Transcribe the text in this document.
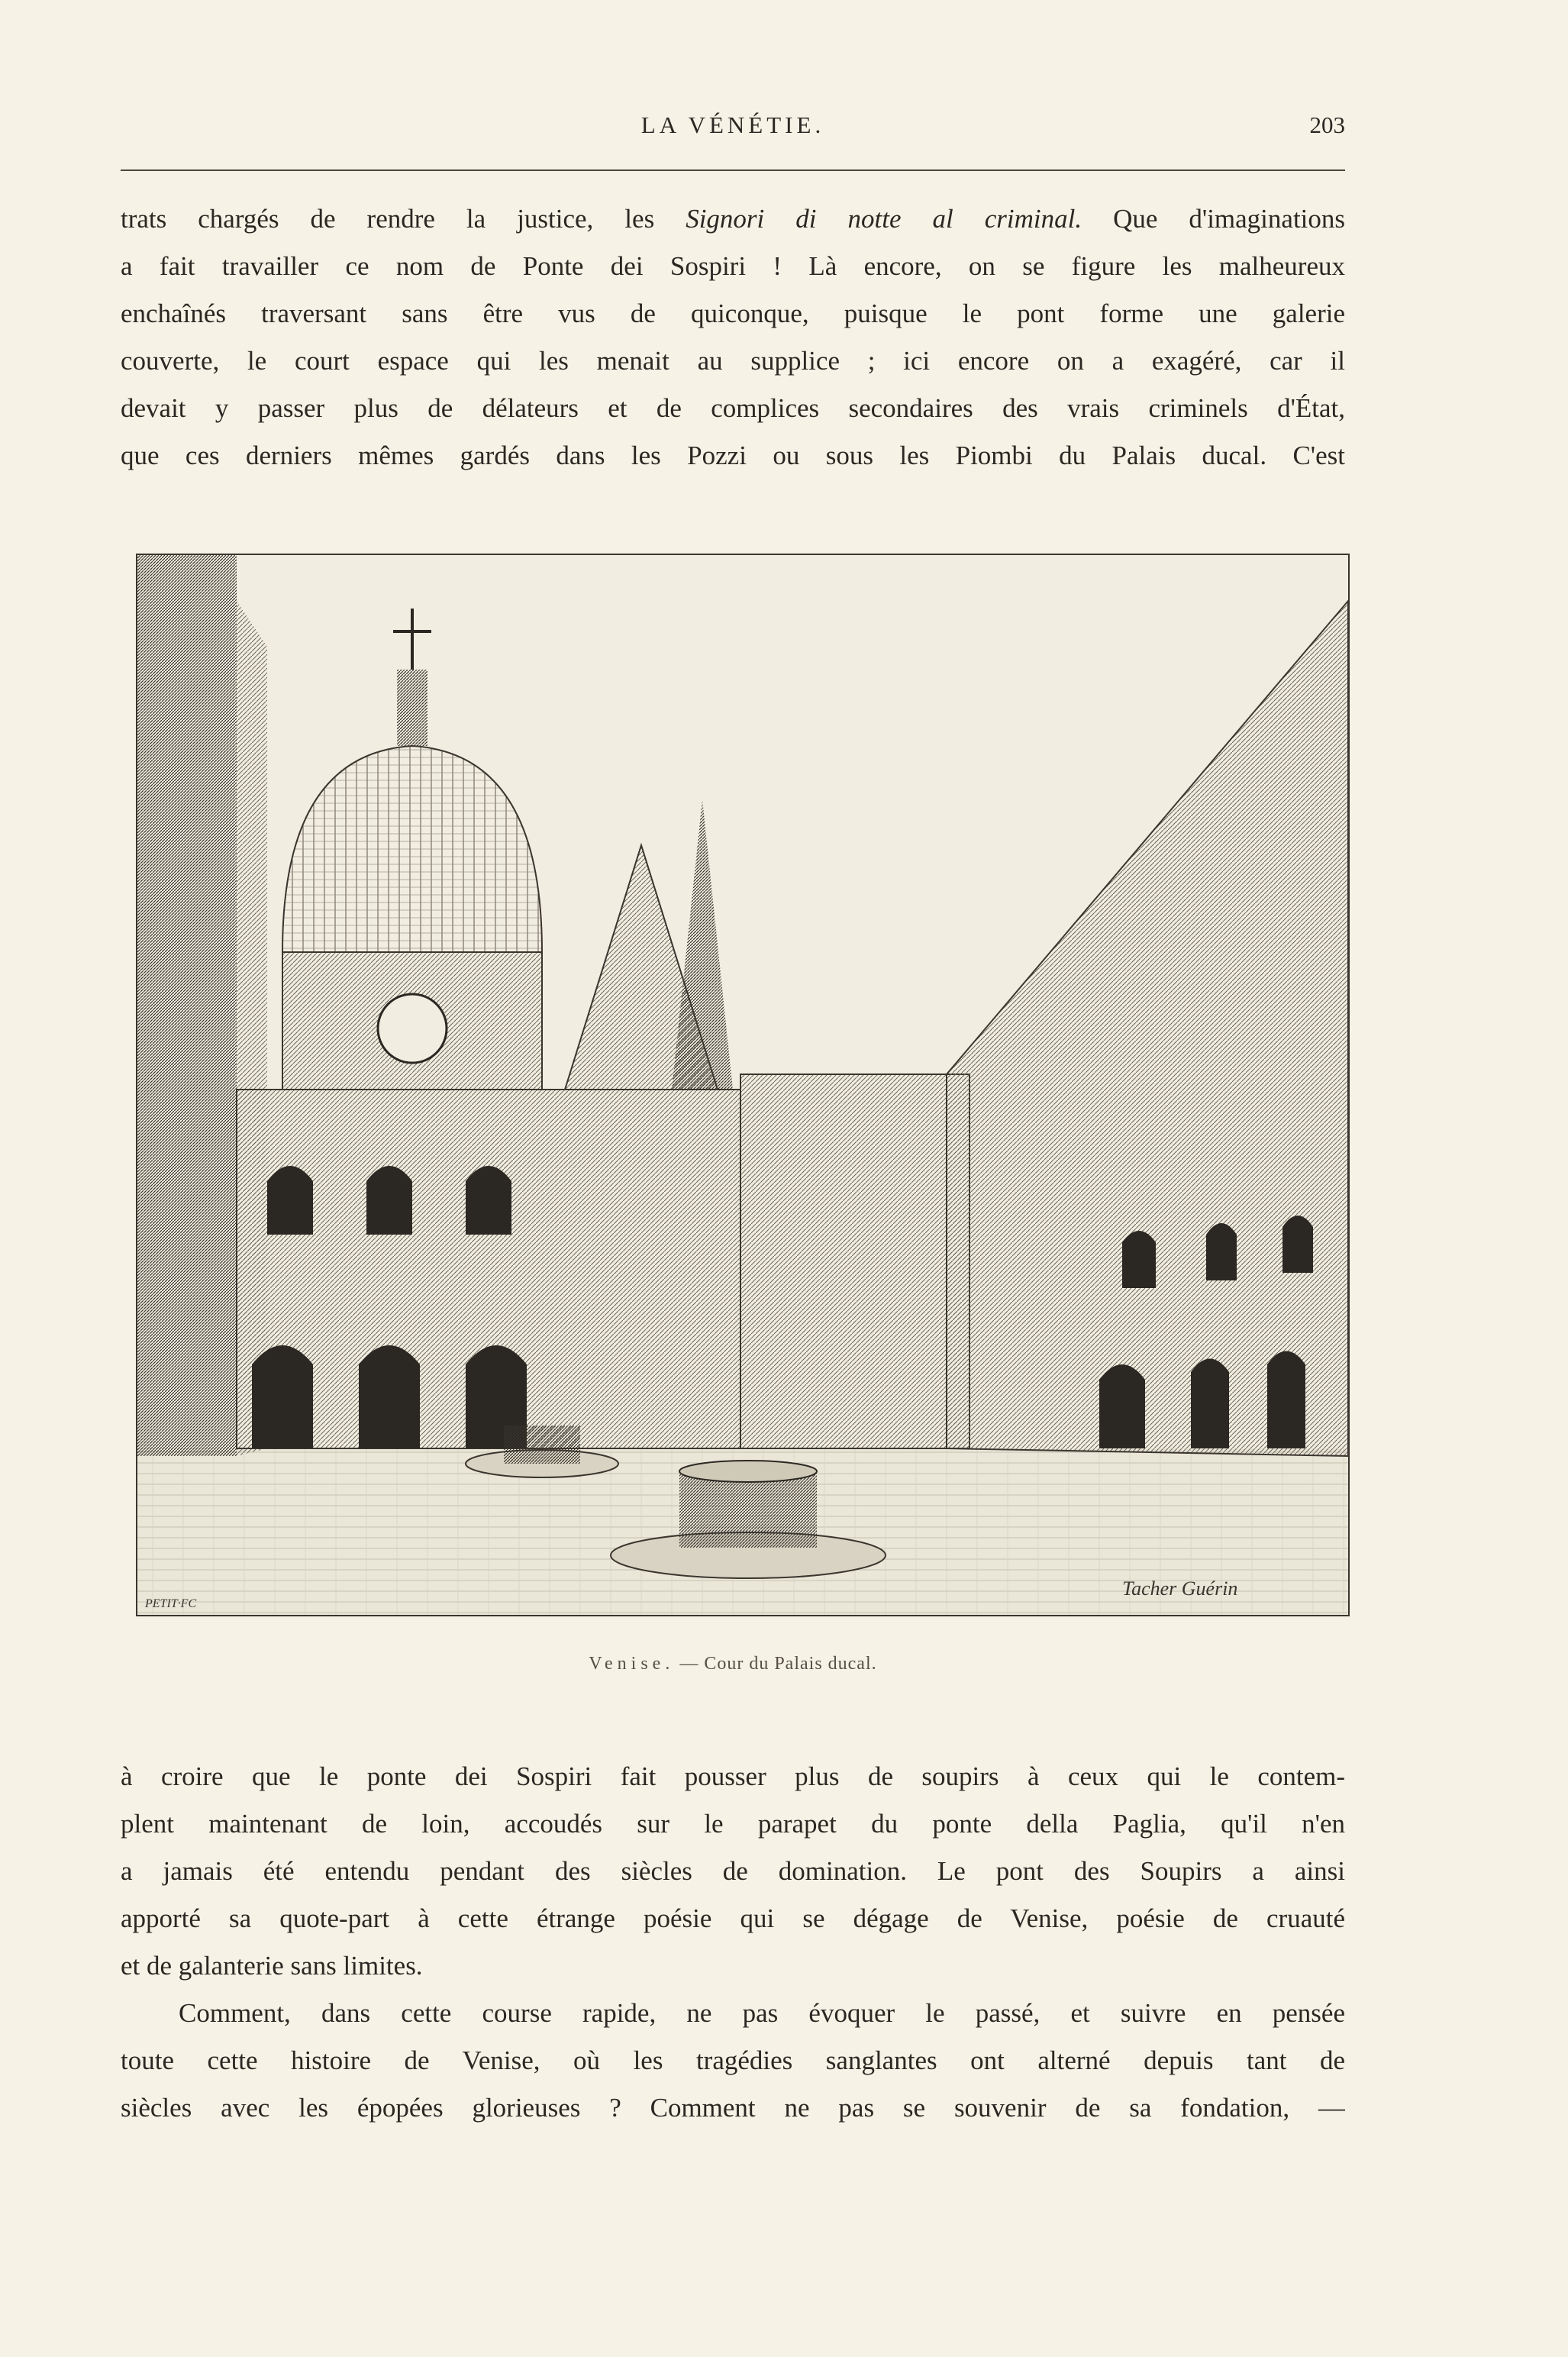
LA VÉNÉTIE.	203
trats chargés de rendre la justice, les Signori di notte al criminal. Que d'imaginations
a fait travailler ce nom de Ponte dei Sospiri ! Là encore, on se figure les malheureux
enchaînés traversant sans être vus de quiconque, puisque le pont forme une galerie
couverte, le court espace qui les menait au supplice ; ici encore on a exagéré, car il
devait y passer plus de délateurs et de complices secondaires des vrais criminels d'État,
que ces derniers mêmes gardés dans les Pozzi ou sous les Piombi du Palais ducal. C'est
PETIT·FC
Tacher Guérin
Venise. — Cour du Palais ducal.
à croire que le ponte dei Sospiri fait pousser plus de soupirs à ceux qui le contem-
plent maintenant de loin, accoudés sur le parapet du ponte della Paglia, qu'il n'en
a jamais été entendu pendant des siècles de domination. Le pont des Soupirs a ainsi
apporté sa quote-part à cette étrange poésie qui se dégage de Venise, poésie de cruauté
et de galanterie sans limites.
Comment, dans cette course rapide, ne pas évoquer le passé, et suivre en pensée
toute cette histoire de Venise, où les tragédies sanglantes ont alterné depuis tant de
siècles avec les épopées glorieuses ? Comment ne pas se souvenir de sa fondation, —
